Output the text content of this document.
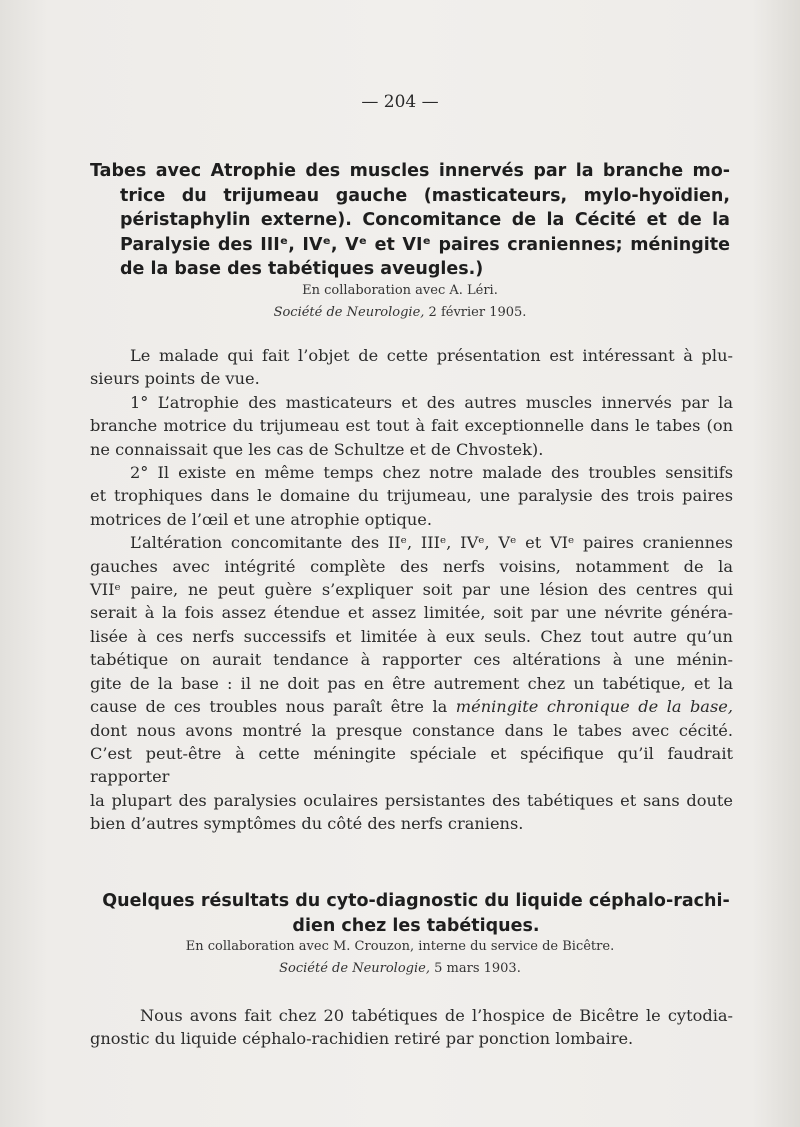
— 204 —
Tabes avec Atrophie des muscles innervés par la branche mo-
trice du trijumeau gauche (masticateurs, mylo-hyoïdien,
péristaphylin externe). Concomitance de la Cécité et de la
Paralysie des IIIᵉ, IVᵉ, Vᵉ et VIᵉ paires craniennes; méningite
de la base des tabétiques aveugles.)
En collaboration avec A. Léri.
Société de Neurologie, 2 février 1905.
Le malade qui fait l’objet de cette présentation est intéressant à plu-
sieurs points de vue.
1° L’atrophie des masticateurs et des autres muscles innervés par la
branche motrice du trijumeau est tout à fait exceptionnelle dans le tabes (on
ne connaissait que les cas de Schultze et de Chvostek).
2° Il existe en même temps chez notre malade des troubles sensitifs
et trophiques dans le domaine du trijumeau, une paralysie des trois paires
motrices de l’œil et une atrophie optique.
L’altération concomitante des IIᵉ, IIIᵉ, IVᵉ, Vᵉ et VIᵉ paires craniennes
gauches avec intégrité complète des nerfs voisins, notamment de la
VIIᵉ paire, ne peut guère s’expliquer soit par une lésion des centres qui
serait à la fois assez étendue et assez limitée, soit par une névrite généra-
lisée à ces nerfs successifs et limitée à eux seuls. Chez tout autre qu’un
tabétique on aurait tendance à rapporter ces altérations à une ménin-
gite de la base : il ne doit pas en être autrement chez un tabétique, et la
cause de ces troubles nous paraît être la méningite chronique de la base,
dont nous avons montré la presque constance dans le tabes avec cécité.
C’est peut-être à cette méningite spéciale et spécifique qu’il faudrait rapporter
la plupart des paralysies oculaires persistantes des tabétiques et sans doute
bien d’autres symptômes du côté des nerfs craniens.
Quelques résultats du cyto-diagnostic du liquide céphalo-rachi-
dien chez les tabétiques.
En collaboration avec M. Crouzon, interne du service de Bicêtre.
Société de Neurologie, 5 mars 1903.
Nous avons fait chez 20 tabétiques de l’hospice de Bicêtre le cytodia-
gnostic du liquide céphalo-rachidien retiré par ponction lombaire.
